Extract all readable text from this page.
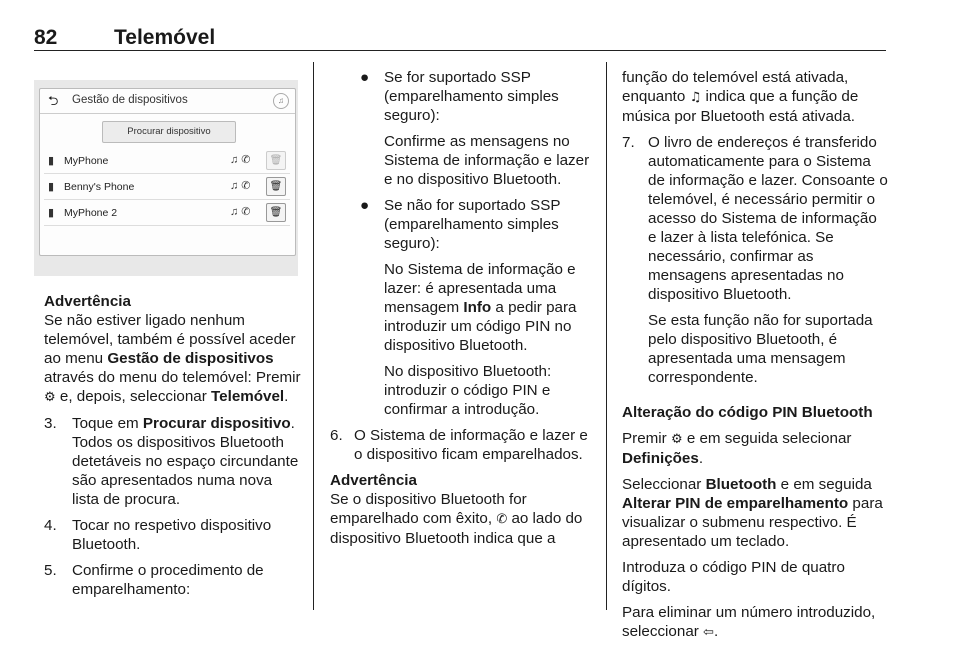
82	Telemóvel
⮌ Gestão de dispositivos	♫
Procurar dispositivo
▮ MyPhone	♫✆	🗑
▮ Benny's Phone	♫✆	🗑
▮ MyPhone 2	♫✆	🗑

Advertência
Se não estiver ligado nenhum telemóvel, também é possível aceder ao menu Gestão de dispositivos através do menu do telemóvel: Premir ⚙ e, depois, seleccionar Telemóvel.

3. Toque em Procurar dispositivo. Todos os dispositivos Bluetooth detetáveis no espaço circundante são apresentados numa nova lista de procura.

4. Tocar no respetivo dispositivo Bluetooth.

5. Confirme o procedimento de emparelhamento:

● Se for suportado SSP (emparelhamento simples seguro):

Confirme as mensagens no Sistema de informação e lazer e no dispositivo Bluetooth.

● Se não for suportado SSP (emparelhamento simples seguro):

No Sistema de informação e lazer: é apresentada uma mensagem Info a pedir para introduzir um código PIN no dispositivo Bluetooth.

No dispositivo Bluetooth: introduzir o código PIN e confirmar a introdução.

6. O Sistema de informação e lazer e o dispositivo ficam emparelhados.

Advertência
Se o dispositivo Bluetooth for emparelhado com êxito, ✆ ao lado do dispositivo Bluetooth indica que a

função do telemóvel está ativada, enquanto ♫ indica que a função de música por Bluetooth está ativada.

7. O livro de endereços é transferido automaticamente para o Sistema de informação e lazer. Consoante o telemóvel, é necessário permitir o acesso do Sistema de informação e lazer à lista telefónica. Se necessário, confirmar as mensagens apresentadas no dispositivo Bluetooth.

Se esta função não for suportada pelo dispositivo Bluetooth, é apresentada uma mensagem correspondente.

Alteração do código PIN Bluetooth

Premir ⚙ e em seguida selecionar Definições.

Seleccionar Bluetooth e em seguida Alterar PIN de emparelhamento para visualizar o submenu respectivo. É apresentado um teclado.

Introduza o código PIN de quatro dígitos.

Para eliminar um número introduzido, seleccionar ⇦.
